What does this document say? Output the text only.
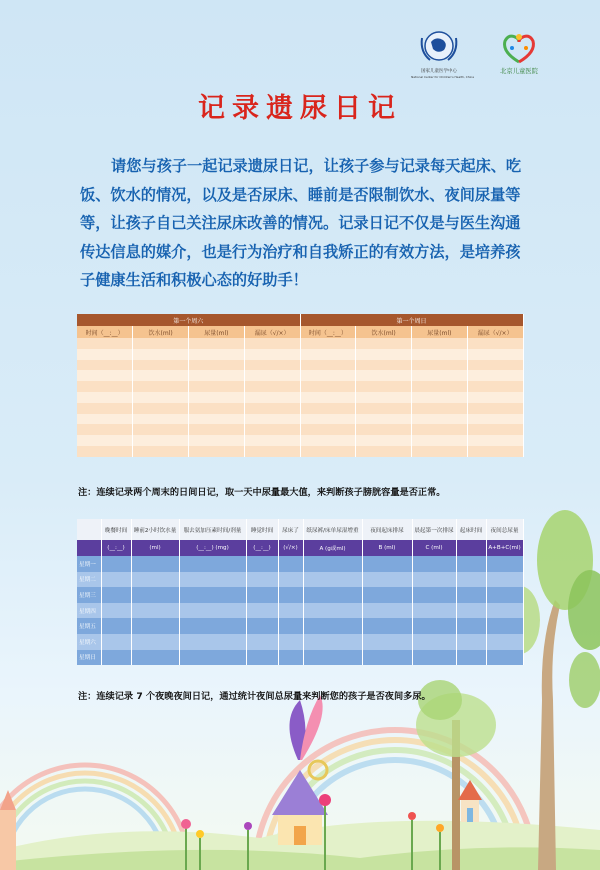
国家儿童医学中心
National Center for Children's Health, China
北京儿童医院
记录遗尿日记

请您与孩子一起记录遗尿日记，让孩子参与记录每天起床、吃饭、饮水的情况，以及是否尿床、睡前是否限制饮水、夜间尿量等等，让孩子自己关注尿床改善的情况。记录日记不仅是与医生沟通传达信息的媒介，也是行为治疗和自我矫正的有效方法，是培养孩子健康生活和积极心态的好助手！

第一个周六				第一个周日			
时间（__:__）	饮水(ml)	尿量(ml)	漏尿（√/×）	时间（__:__）	饮水(ml)	尿量(ml)	漏尿（√/×）

注：连续记录两个周末的日间日记，取一天中尿量最大值，来判断孩子膀胱容量是否正常。
	晚餐时间	睡前2小时饮水量	服去氨加压素时间/剂量	睡觉时间	尿床了	纸尿裤/床单尿湿增重	夜间起床排尿	晨起第一次排尿	起床时间	夜间总尿量
	(__:__)	(ml)	(__:__) (mg)	(__:__)	(√/×)	A (g或ml)	B (ml)	C (ml)		A+B+C(ml)
星期一										
星期二										
星期三										
星期四										
星期五										
星期六										
星期日										
注：连续记录 7 个夜晚夜间日记，通过统计夜间总尿量来判断您的孩子是否夜间多尿。
